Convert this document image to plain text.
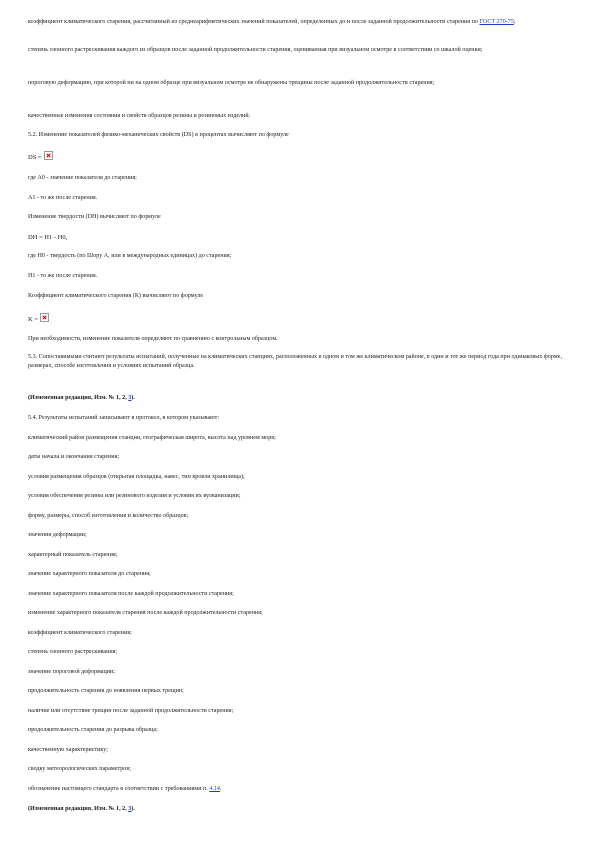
коэффициент климатического старения, рассчитанный из среднеарифметических значений показателей, определенных до и после заданной продолжительности старения по ГОСТ 270-75;
степень озонного растрескивания каждого из образцов после заданной продолжительности старения, оцениваемая при визуальном осмотре в соответствии со шкалой оценки;
пороговую деформацию, при которой ни на одном образце при визуальном осмотре не обнаружены трещины после заданной продолжительности старения;
качественные изменения состояния и свойств образцов резины и резиновых изделий.
5.2. Изменение показателей физико-механических свойств (DS) в процентах вычисляют по формуле
DS =
где A0 - значение показателя до старения;
A1 - то же после старения.
Изменение твердости (DH) вычисляют по формуле
DH = H1 - H0,
где H0 - твердость (по Шору А, или в международных единицах) до старения;
H1 - то же после старения.
Коэффициент климатического старения (К) вычисляют по формуле
K =
При необходимости, изменение показателя определяют по сравнению с контрольным образцом.
5.3. Сопоставимыми считают результаты испытаний, полученные на климатических станциях, расположенных в одном и том же климатическом районе, в один и тот же период года при одинаковых форме, размерах, способе изготовления и условиях испытаний образца.
(Измененная редакция, Изм. № 1, 2, 3).
5.4. Результаты испытаний записывают в протокол, в котором указывают:
климатический район размещения станции, географическая широта, высота над уровнем моря;
даты начала и окончания старения;
условия размещения образцов (открытая площадка, навес, тип кровли хранилища);
условия обеспечения резины или резинового изделия и условия их вулканизации;
форму, размеры, способ изготовления и количество образцов;
значения деформации;
характерный показатель старения;
значение характерного показателя до старения;
значение характерного показателя после каждой продолжительности старения;
изменение характерного показателя старения после каждой продолжительности старения;
коэффициент климатического старения;
степень озонного растрескивания;
значение пороговой деформации;
продолжительность старения до появления первых трещин;
наличие или отсутствие трещин после заданной продолжительности старения;
продолжительность старения до разрыва образца;
качественную характеристику;
сводку метеорологических параметров;
обозначение настоящего стандарта в соответствии с требованиями п. 4.14.
(Измененная редакция, Изм. № 1, 2, 3).
